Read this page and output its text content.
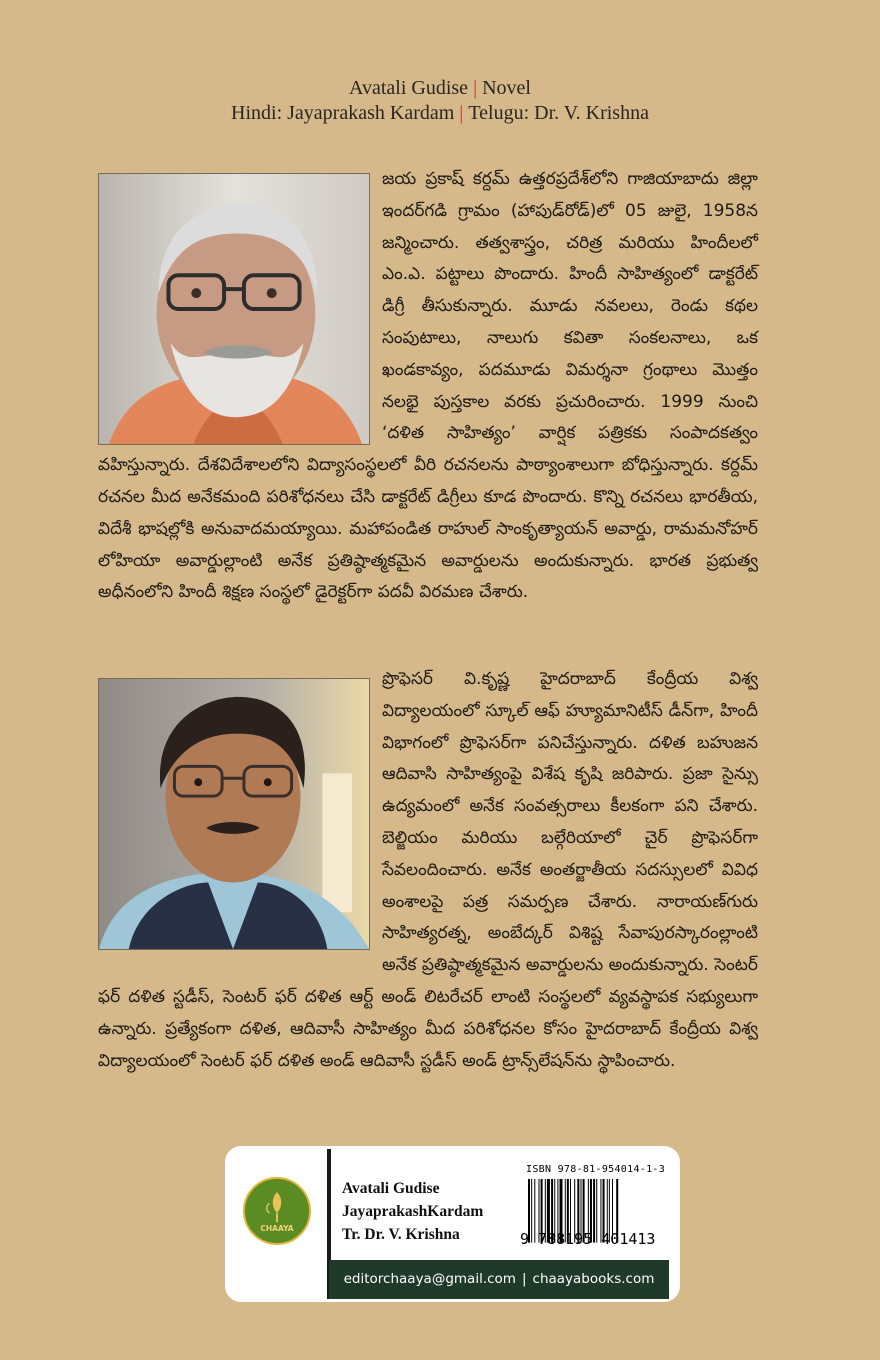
Avatali Gudise | Novel
Hindi: Jayaprakash Kardam | Telugu: Dr. V. Krishna
జయ ప్రకాష్ కర్దమ్ ఉత్తరప్రదేశ్‌లోని గాజియాబాదు జిల్లా ఇందర్‌గడి గ్రామం (హాపుడ్‌రోడ్)లో 05 జులై, 1958న జన్మించారు. తత్వశాస్త్రం, చరిత్ర మరియు హిందీలలో ఎం.ఎ. పట్టాలు పొందారు. హిందీ సాహిత్యంలో డాక్టరేట్ డిగ్రీ తీసుకున్నారు. మూడు నవలలు, రెండు కథల సంపుటాలు, నాలుగు కవితా సంకలనాలు, ఒక ఖండకావ్యం, పదమూడు విమర్శనా గ్రంథాలు మొత్తం నలభై పుస్తకాల వరకు ప్రచురించారు. 1999 నుంచి ‘దళిత సాహిత్యం’ వార్షిక పత్రికకు సంపాదకత్వం వహిస్తున్నారు. దేశవిదేశాలలోని విద్యాసంస్థలలో వీరి రచనలను పాఠ్యాంశాలుగా బోధిస్తున్నారు. కర్దమ్ రచనల మీద అనేకమంది పరిశోధనలు చేసి డాక్టరేట్ డిగ్రీలు కూడ పొందారు. కొన్ని రచనలు భారతీయ, విదేశీ భాషల్లోకి అనువాదమయ్యాయి. మహాపండిత రాహుల్ సాంకృత్యాయన్ అవార్డు, రామమనోహర్ లోహియా అవార్డుల్లాంటి అనేక ప్రతిష్ఠాత్మకమైన అవార్డులను అందుకున్నారు. భారత ప్రభుత్వ అధీనంలోని హిందీ శిక్షణ సంస్థలో డైరెక్టర్‌గా పదవీ విరమణ చేశారు.
ప్రొఫెసర్ వి.కృష్ణ హైదరాబాద్ కేంద్రీయ విశ్వ విద్యాలయంలో స్కూల్ ఆఫ్ హ్యూమానిటీస్ డీన్‌గా, హిందీ విభాగంలో ప్రొఫెసర్‌గా పనిచేస్తున్నారు. దళిత బహుజన ఆదివాసి సాహిత్యంపై విశేష కృషి జరిపారు. ప్రజా సైన్సు ఉద్యమంలో అనేక సంవత్సరాలు కీలకంగా పని చేశారు. బెల్జియం మరియు బల్గేరియాలో చైర్ ప్రొఫెసర్‌గా సేవలందించారు. అనేక అంతర్జాతీయ సదస్సులలో వివిధ అంశాలపై పత్ర సమర్పణ చేశారు. నారాయణ్‌గురు సాహిత్యరత్న, అంబేద్కర్ విశిష్ట సేవాపురస్కారంల్లాంటి అనేక ప్రతిష్ఠాత్మకమైన అవార్డులను అందుకున్నారు. సెంటర్ ఫర్ దళిత స్టడీస్, సెంటర్ ఫర్ దళిత ఆర్ట్ అండ్ లిటరేచర్ లాంటి సంస్థలలో వ్యవస్థాపక సభ్యులుగా ఉన్నారు. ప్రత్యేకంగా దళిత, ఆదివాసీ సాహిత్యం మీద పరిశోధనల కోసం హైదరాబాద్ కేంద్రీయ విశ్వ విద్యాలయంలో సెంటర్ ఫర్ దళిత అండ్ ఆదివాసీ స్టడీస్ అండ్ ట్రాన్స్‌లేషన్‌ను స్థాపించారు.
CHAAYA
Avatali Gudise
JayaprakashKardam
Tr. Dr. V. Krishna
ISBN 978-81-954014-1-3
9 788195 401413
editorchaaya@gmail.com | chaayabooks.com
